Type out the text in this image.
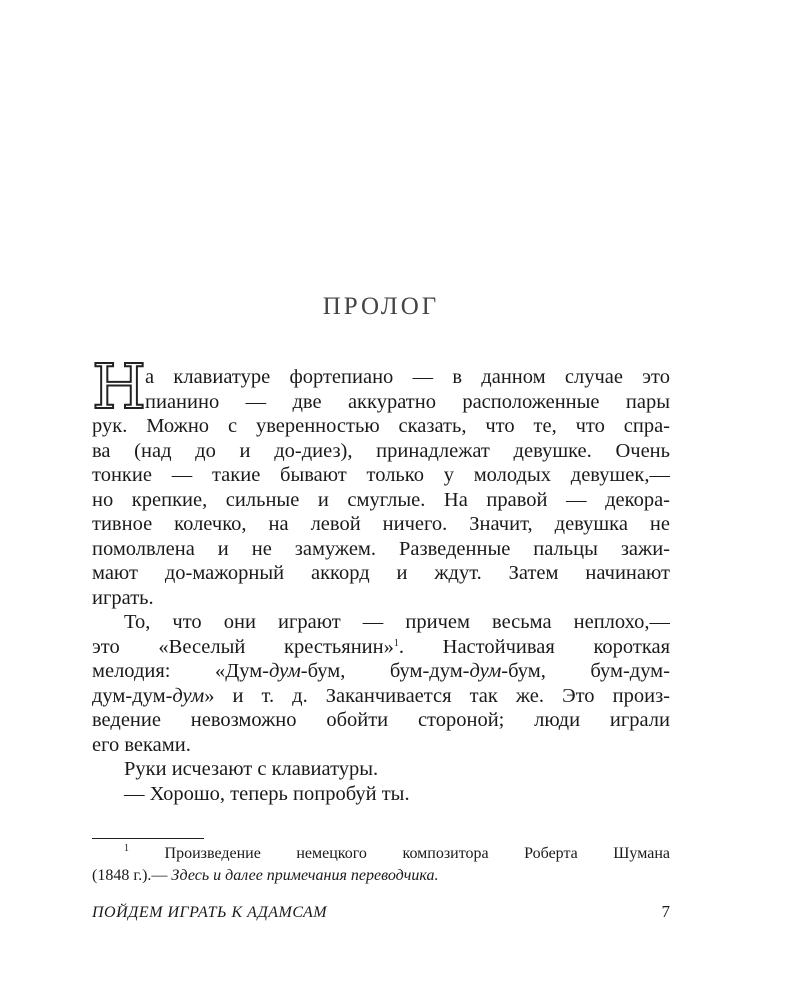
ПРОЛОГ
Н
а клавиатуре фортепиано — в данном случае это
пианино — две аккуратно расположенные пары
рук. Можно с уверенностью сказать, что те, что спра-
ва (над до и до-диез), принадлежат девушке. Очень
тонкие — такие бывают только у молодых девушек,—
но крепкие, сильные и смуглые. На правой — декора-
тивное колечко, на левой ничего. Значит, девушка не
помолвлена и не замужем. Разведенные пальцы зажи-
мают до-мажорный аккорд и ждут. Затем начинают
играть.
То, что они играют — причем весьма неплохо,—
это «Веселый крестьянин»$^1$. Настойчивая короткая
мелодия: «Дум-дум-бум, бум-дум-дум-бум, бум-дум-
дум-дум-дум» и т. д. Заканчивается так же. Это произ-
ведение невозможно обойти стороной; люди играли
его веками.
Руки исчезают с клавиатуры.
— Хорошо, теперь попробуй ты.
$^1$ Произведение немецкого композитора Роберта Шумана
(1848 г.).— Здесь и далее примечания переводчика.
ПОЙДЕМ ИГРАТЬ К АДАМСАМ	7
